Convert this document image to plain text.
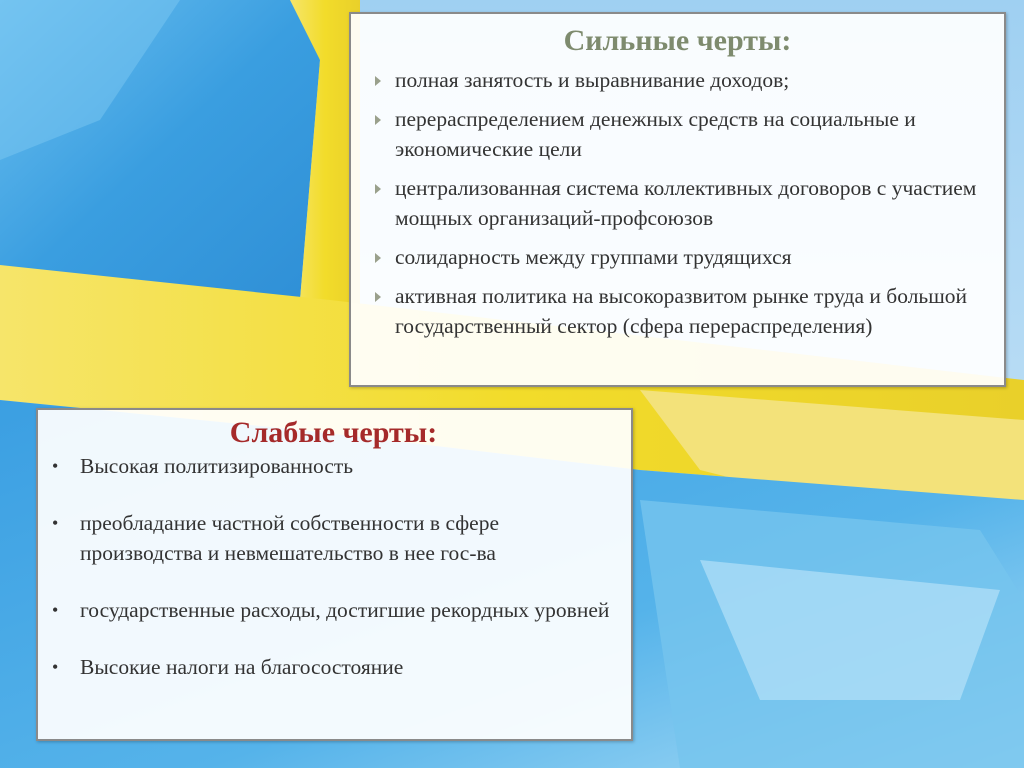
Сильные черты:
полная занятость и выравнивание доходов;
перераспределением денежных средств на социальные и экономические цели
централизованная система коллективных договоров с участием мощных организаций-профсоюзов
солидарность между группами трудящихся
активная политика на высокоразвитом рынке труда и большой государственный сектор (сфера перераспределения)
Слабые черты:
• Высокая политизированность
• преобладание частной собственности в сфере производства и невмешательство в нее гос-ва
• государственные расходы, достигшие рекордных уровней
• Высокие налоги на благосостояние
